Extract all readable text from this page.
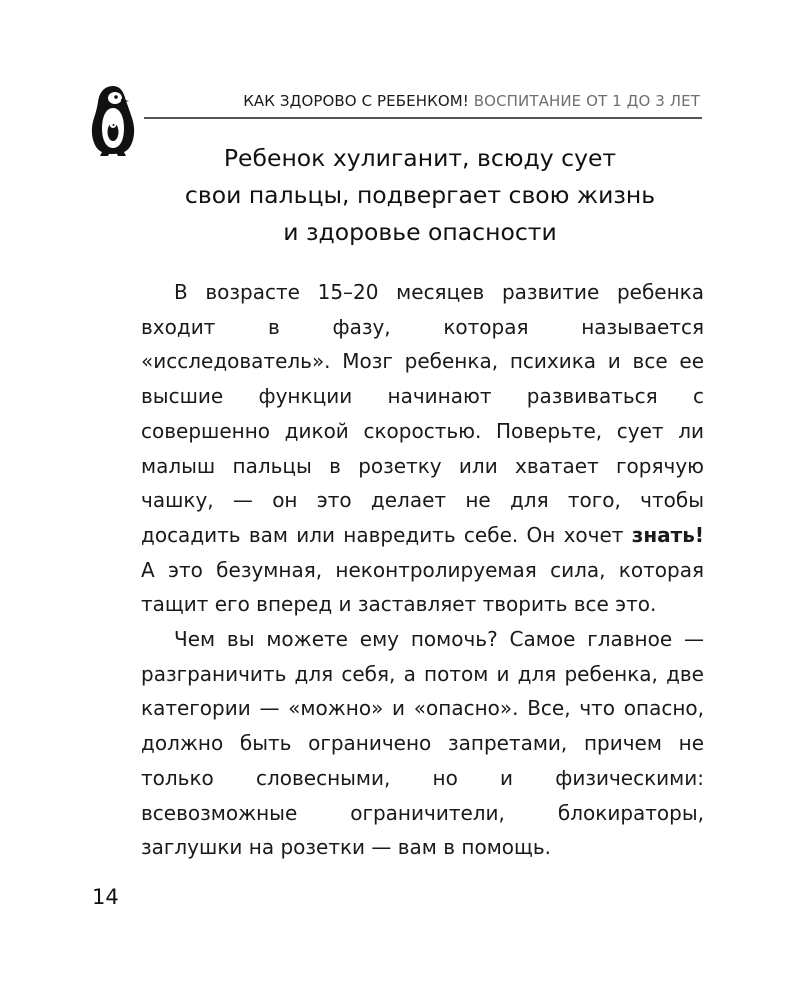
КАК ЗДОРОВО С РЕБЕНКОМ! ВОСПИТАНИЕ ОТ 1 ДО 3 ЛЕТ
Ребенок хулиганит, всюду сует
свои пальцы, подвергает свою жизнь
и здоровье опасности

В возрасте 15–20 месяцев развитие ребенка входит в фазу, которая называется «исследователь». Мозг ребенка, психика и все ее высшие функции начинают развиваться с совершенно дикой скоростью. Поверьте, сует ли малыш пальцы в розетку или хватает горячую чашку, — он это делает не для того, чтобы досадить вам или навредить себе. Он хочет знать! А это безумная, неконтролируемая сила, которая тащит его вперед и заставляет творить все это.

Чем вы можете ему помочь? Самое главное — разграничить для себя, а потом и для ребенка, две категории — «можно» и «опасно». Все, что опасно, должно быть ограничено запретами, причем не только словесными, но и физическими: всевозможные ограничители, блокираторы, заглушки на розетки — вам в помощь.

14
